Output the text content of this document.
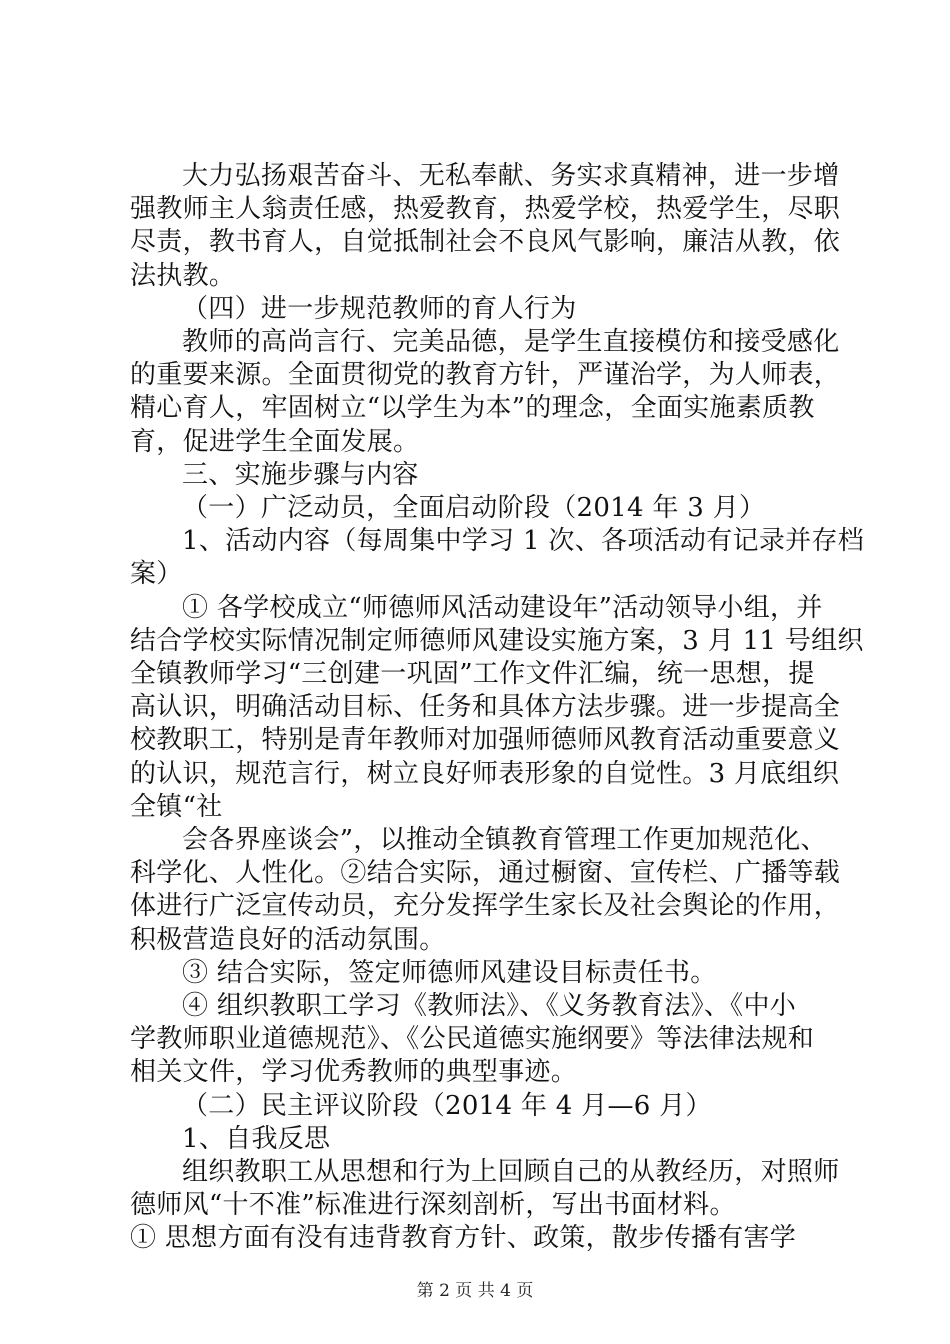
大力弘扬艰苦奋斗、无私奉献、务实求真精神，进一步增
强教师主人翁责任感，热爱教育，热爱学校，热爱学生，尽职
尽责，教书育人，自觉抵制社会不良风气影响，廉洁从教，依
法执教。
（四）进一步规范教师的育人行为
教师的高尚言行、完美品德，是学生直接模仿和接受感化
的重要来源。全面贯彻党的教育方针，严谨治学，为人师表，
精心育人，牢固树立“以学生为本”的理念，全面实施素质教
育，促进学生全面发展。
三、实施步骤与内容
（一）广泛动员，全面启动阶段（2014 年 3 月）
1、活动内容（每周集中学习 1 次、各项活动有记录并存档
案）
① 各学校成立“师德师风活动建设年”活动领导小组，并
结合学校实际情况制定师德师风建设实施方案，3 月 11 号组织
全镇教师学习“三创建一巩固”工作文件汇编，统一思想，提
高认识，明确活动目标、任务和具体方法步骤。进一步提高全
校教职工，特别是青年教师对加强师德师风教育活动重要意义
的认识，规范言行，树立良好师表形象的自觉性。3 月底组织
全镇“社
会各界座谈会”，以推动全镇教育管理工作更加规范化、
科学化、人性化。②结合实际，通过橱窗、宣传栏、广播等载
体进行广泛宣传动员，充分发挥学生家长及社会舆论的作用，
积极营造良好的活动氛围。
③ 结合实际，签定师德师风建设目标责任书。
④ 组织教职工学习《教师法》、《义务教育法》、《中小
学教师职业道德规范》、《公民道德实施纲要》等法律法规和
相关文件，学习优秀教师的典型事迹。
（二）民主评议阶段（2014 年 4 月—6 月）
1、自我反思
第 2 页 共 4 页
组织教职工从思想和行为上回顾自己的从教经历，对照师
德师风“十不准”标准进行深刻剖析，写出书面材料。
① 思想方面有没有违背教育方针、政策，散步传播有害学
